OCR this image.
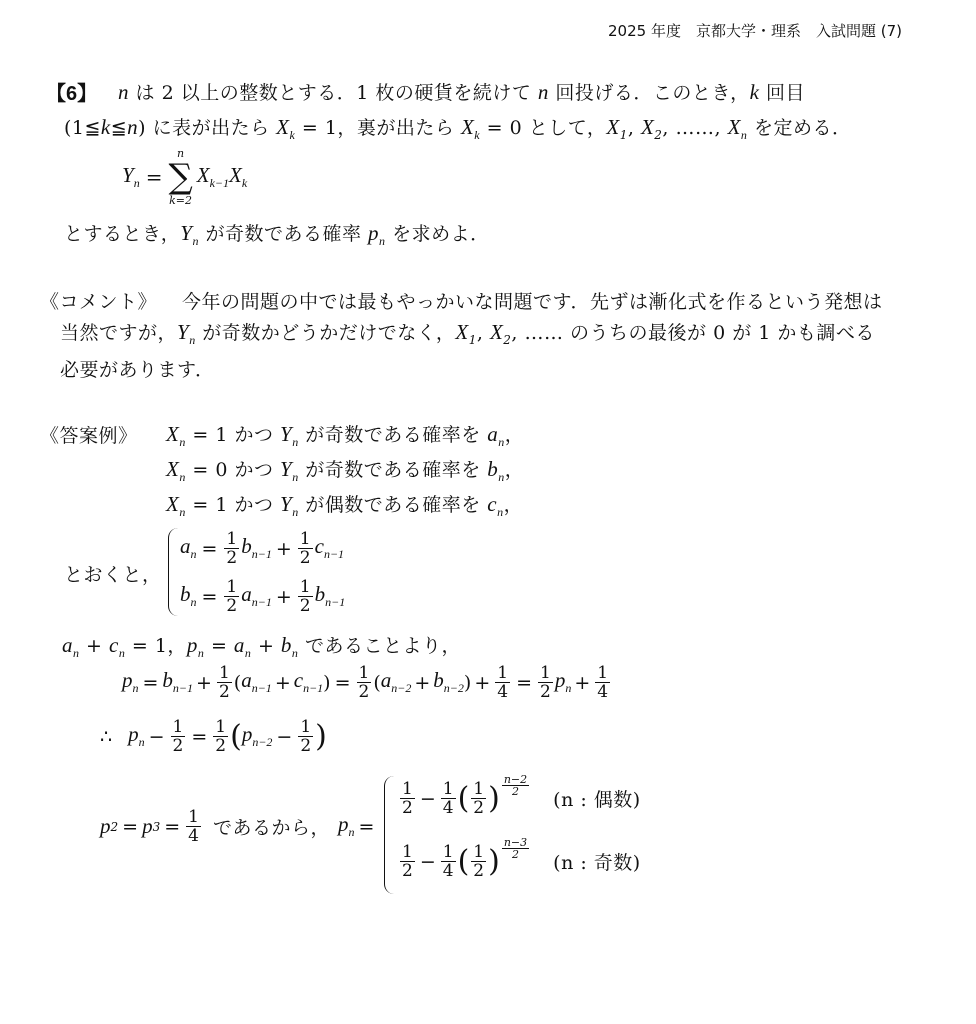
2025 年度　京都大学・理系　入試問題 (7)
【6】 n は 2 以上の整数とする．1 枚の硬貨を続けて n 回投げる．このとき，k 回目
(1≦k≦n) に表が出たら $X_k = 1$，裏が出たら $X_k = 0$ として，$X_1$, $X_2$, ……, $X_n$ を定める．
$Y_n$ =
n
∑
k=2
$X_{k-1}X_k$
とするとき，$Y_n$ が奇数である確率 $p_n$ を求めよ．
《コメント》 今年の問題の中では最もやっかいな問題です．先ずは漸化式を作るという発想は
当然ですが，$Y_n$ が奇数かどうかだけでなく，$X_1$, $X_2$, …… のうちの最後が 0 が 1 かも調べる
必要があります．
《答案例》 $X_n = 1$ かつ $Y_n$ が奇数である確率を $a_n$，
$X_n = 0$ かつ $Y_n$ が奇数である確率を $b_n$，
$X_n = 1$ かつ $Y_n$ が偶数である確率を $c_n$，
とおくと，
$a_n = \frac{1}{2} b_{n-1} + \frac{1}{2} c_{n-1}$
$b_n = \frac{1}{2} a_{n-1} + \frac{1}{2} b_{n-1}$
$a_n + c_n = 1$，$p_n = a_n + b_n$ であることより，
$p_n = b_{n-1} + \frac{1}{2}$ ( $a_{n-1} + c_{n-1}$ ) = $\frac{1}{2}$ ( $a_{n-2} + b_{n-2}$ ) + $\frac{1}{4} = \frac{1}{2} p_n + \frac{1}{4}$
∴ $p_n - \frac{1}{2} = \frac{1}{2}$ ( $p_{n-2} - \frac{1}{2}$ )
p 2 = p $3 = \frac{1}{4}$ であるから， $p_n$ =
$\frac{1}{2} - \frac{1}{4}$ ( $\frac{1}{2}$ ) $\frac{n-2}{2}$
(n : 偶数)
$\frac{1}{2} - \frac{1}{4}$ ( $\frac{1}{2}$ ) $\frac{n-3}{2}$
(n : 奇数)
